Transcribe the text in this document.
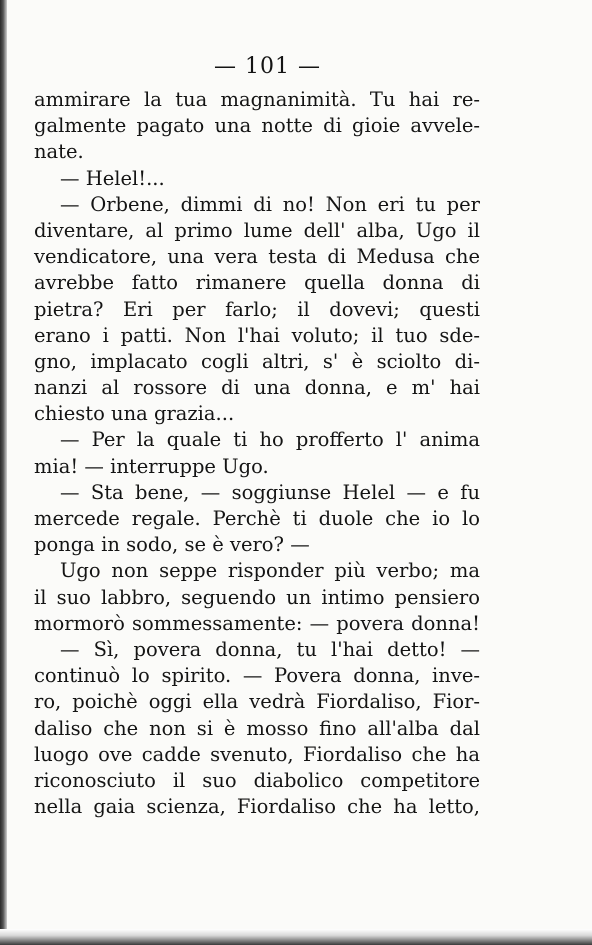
— 101 —
ammirare la tua magnanimità. Tu hai re-
galmente pagato una notte di gioie avvele-
nate.
— Helel!...
— Orbene, dimmi di no! Non eri tu per
diventare, al primo lume dell' alba, Ugo il
vendicatore, una vera testa di Medusa che
avrebbe fatto rimanere quella donna di
pietra? Eri per farlo; il dovevi; questi
erano i patti. Non l'hai voluto; il tuo sde-
gno, implacato cogli altri, s' è sciolto di-
nanzi al rossore di una donna, e m' hai
chiesto una grazia...
— Per la quale ti ho profferto l' anima
mia! — interruppe Ugo.
— Sta bene, — soggiunse Helel — e fu
mercede regale. Perchè ti duole che io lo
ponga in sodo, se è vero? —
Ugo non seppe risponder più verbo; ma
il suo labbro, seguendo un intimo pensiero
mormorò sommessamente: — povera donna!
— Sì, povera donna, tu l'hai detto! —
continuò lo spirito. — Povera donna, inve-
ro, poichè oggi ella vedrà Fiordaliso, Fior-
daliso che non si è mosso fino all'alba dal
luogo ove cadde svenuto, Fiordaliso che ha
riconosciuto il suo diabolico competitore
nella gaia scienza, Fiordaliso che ha letto,
